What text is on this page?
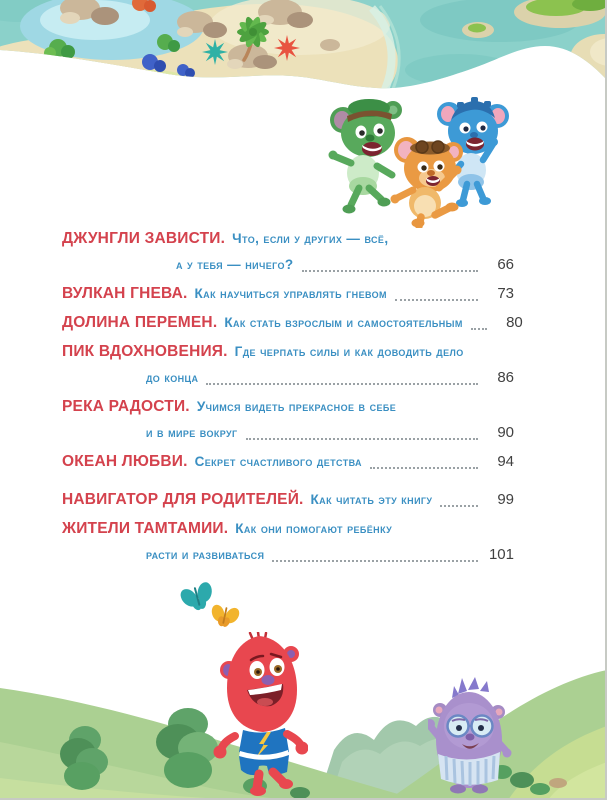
ДЖУНГЛИ ЗАВИСТИ. Что, если у других — всё,
а у тебя — ничего?	66
ВУЛКАН ГНЕВА. Как научиться управлять гневом	73
ДОЛИНА ПЕРЕМЕН. Как стать взрослым и самостоятельным	80
ПИК ВДОХНОВЕНИЯ. Где черпать силы и как доводить дело
до конца	86
РЕКА РАДОСТИ. Учимся видеть прекрасное в себе
и в мире вокруг	90
ОКЕАН ЛЮБВИ. Секрет счастливого детства	94
НАВИГАТОР ДЛЯ РОДИТЕЛЕЙ. Как читать эту книгу	99
ЖИТЕЛИ ТАМТАМИИ. Как они помогают ребёнку
расти и развиваться	101
